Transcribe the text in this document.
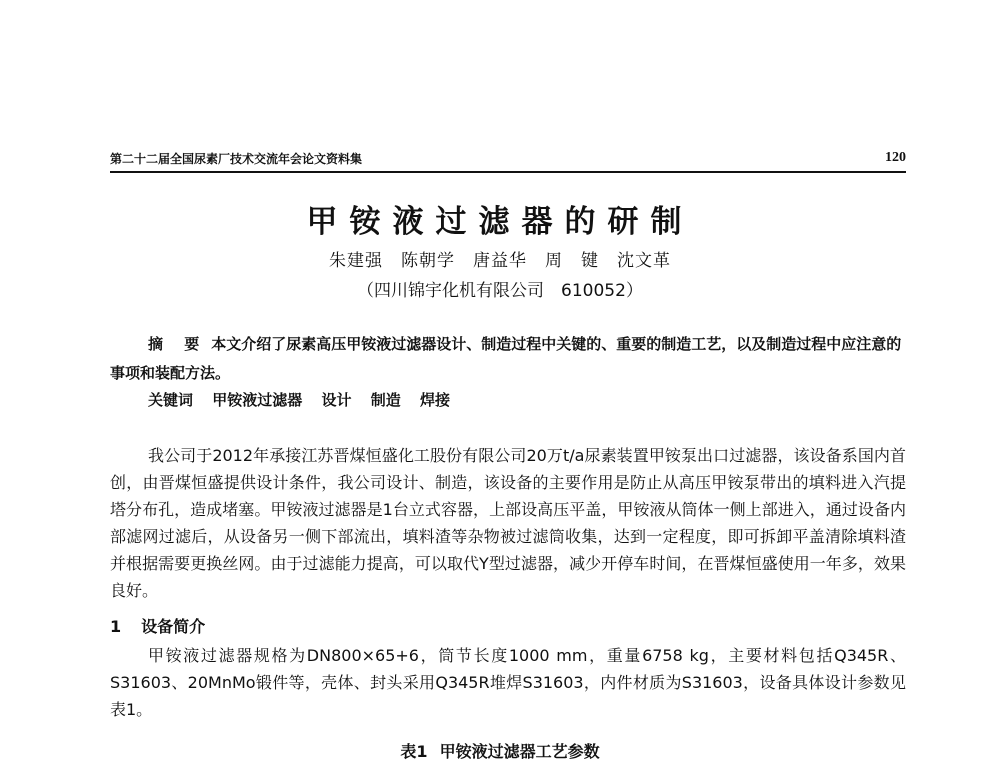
第二十二届全国尿素厂技术交流年会论文资料集	120
甲铵液过滤器的研制
朱建强　陈朝学　唐益华　周　键　沈文革
（四川锦宇化机有限公司　610052）
摘 要 本文介绍了尿素高压甲铵液过滤器设计、制造过程中关键的、重要的制造工艺，以及制造过程中应注意的事项和装配方法。
关键词 甲铵液过滤器 设计 制造 焊接
我公司于2012年承接江苏晋煤恒盛化工股份有限公司20万t/a尿素装置甲铵泵出口过滤器，该设备系国内首创，由晋煤恒盛提供设计条件，我公司设计、制造，该设备的主要作用是防止从高压甲铵泵带出的填料进入汽提塔分布孔，造成堵塞。甲铵液过滤器是1台立式容器，上部设高压平盖，甲铵液从筒体一侧上部进入，通过设备内部滤网过滤后，从设备另一侧下部流出，填料渣等杂物被过滤筒收集，达到一定程度，即可拆卸平盖清除填料渣并根据需要更换丝网。由于过滤能力提高，可以取代Y型过滤器，减少开停车时间，在晋煤恒盛使用一年多，效果良好。
1 设备简介
甲铵液过滤器规格为DN800×65+6，筒节长度1000 mm，重量6758 kg，主要材料包括Q345R、S31603、20MnMo锻件等，壳体、封头采用Q345R堆焊S31603，内件材质为S31603，设备具体设计参数见表1。
表1 甲铵液过滤器工艺参数
